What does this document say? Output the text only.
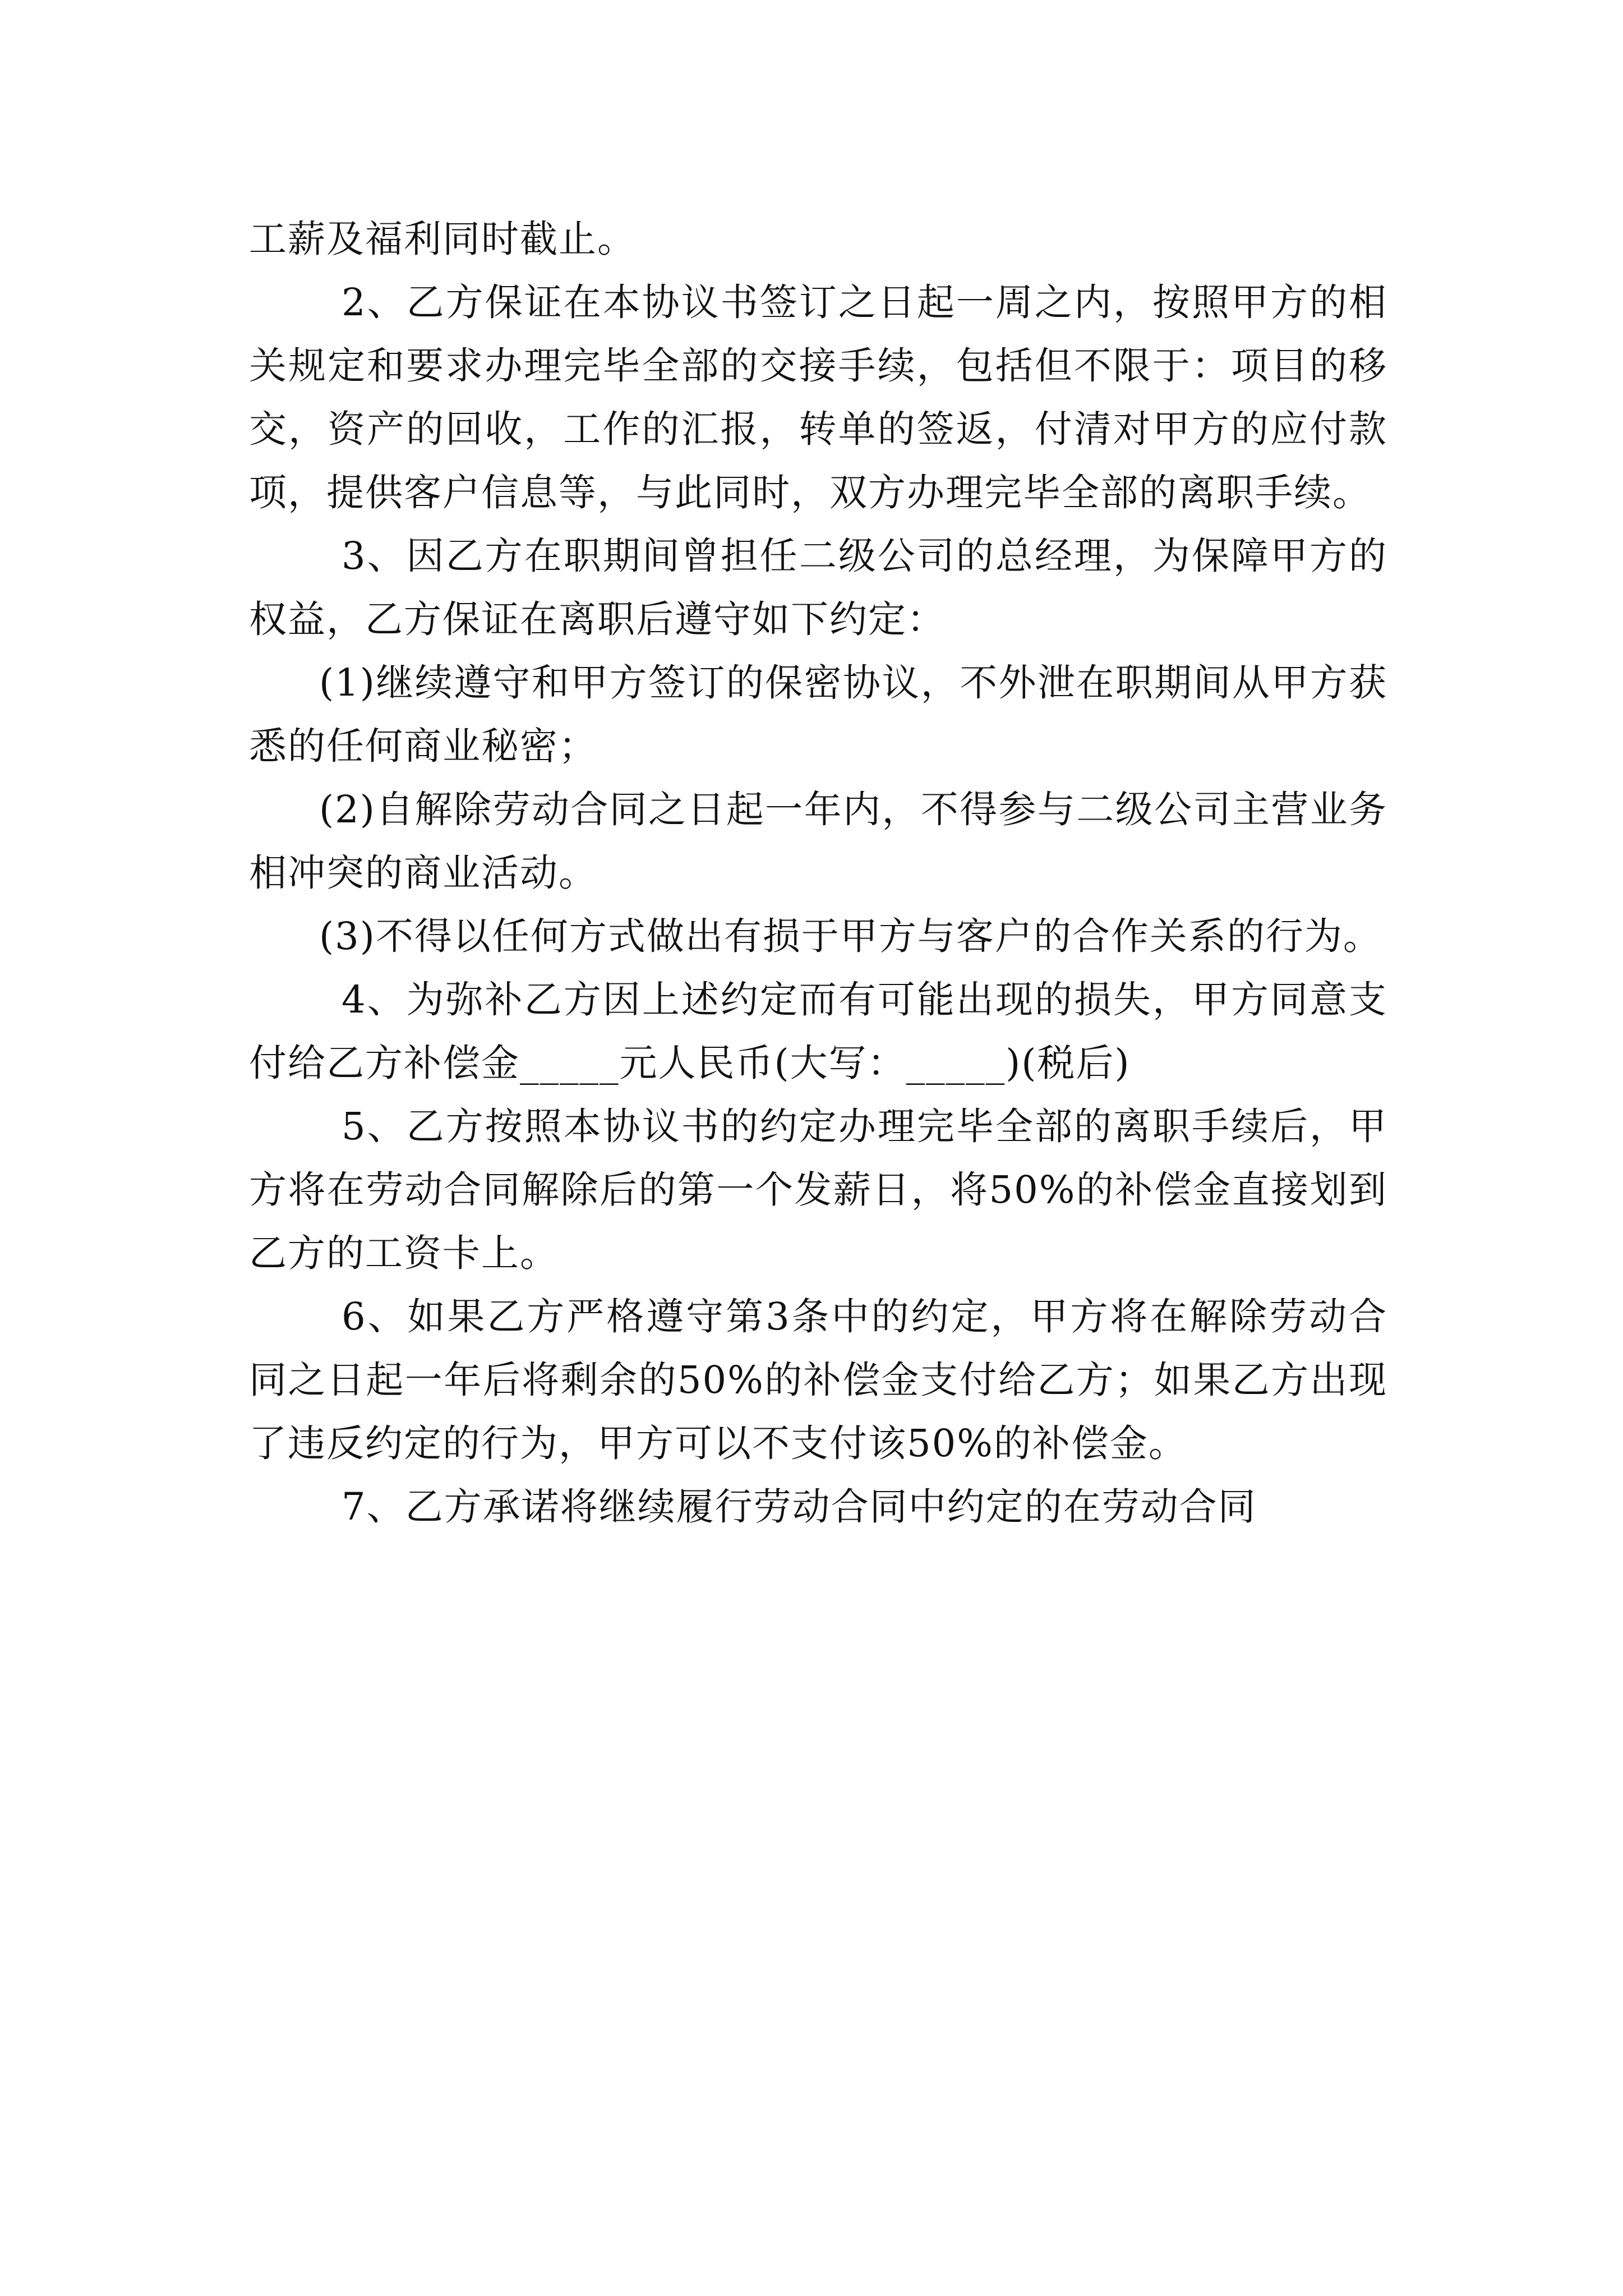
工薪及福利同时截止。

2、乙方保证在本协议书签订之日起一周之内，按照甲方的相关规定和要求办理完毕全部的交接手续，包括但不限于：项目的移交，资产的回收，工作的汇报，转单的签返，付清对甲方的应付款项，提供客户信息等，与此同时，双方办理完毕全部的离职手续。

3、因乙方在职期间曾担任二级公司的总经理，为保障甲方的权益，乙方保证在离职后遵守如下约定：

(1)继续遵守和甲方签订的保密协议，不外泄在职期间从甲方获悉的任何商业秘密；

(2)自解除劳动合同之日起一年内，不得参与二级公司主营业务相冲突的商业活动。

(3)不得以任何方式做出有损于甲方与客户的合作关系的行为。

4、为弥补乙方因上述约定而有可能出现的损失，甲方同意支付给乙方补偿金_____元人民币(大写：_____)(税后)

5、乙方按照本协议书的约定办理完毕全部的离职手续后，甲方将在劳动合同解除后的第一个发薪日，将50%的补偿金直接划到乙方的工资卡上。

6、如果乙方严格遵守第3条中的约定，甲方将在解除劳动合同之日起一年后将剩余的50%的补偿金支付给乙方；如果乙方出现了违反约定的行为，甲方可以不支付该50%的补偿金。

7、乙方承诺将继续履行劳动合同中约定的在劳动合同
